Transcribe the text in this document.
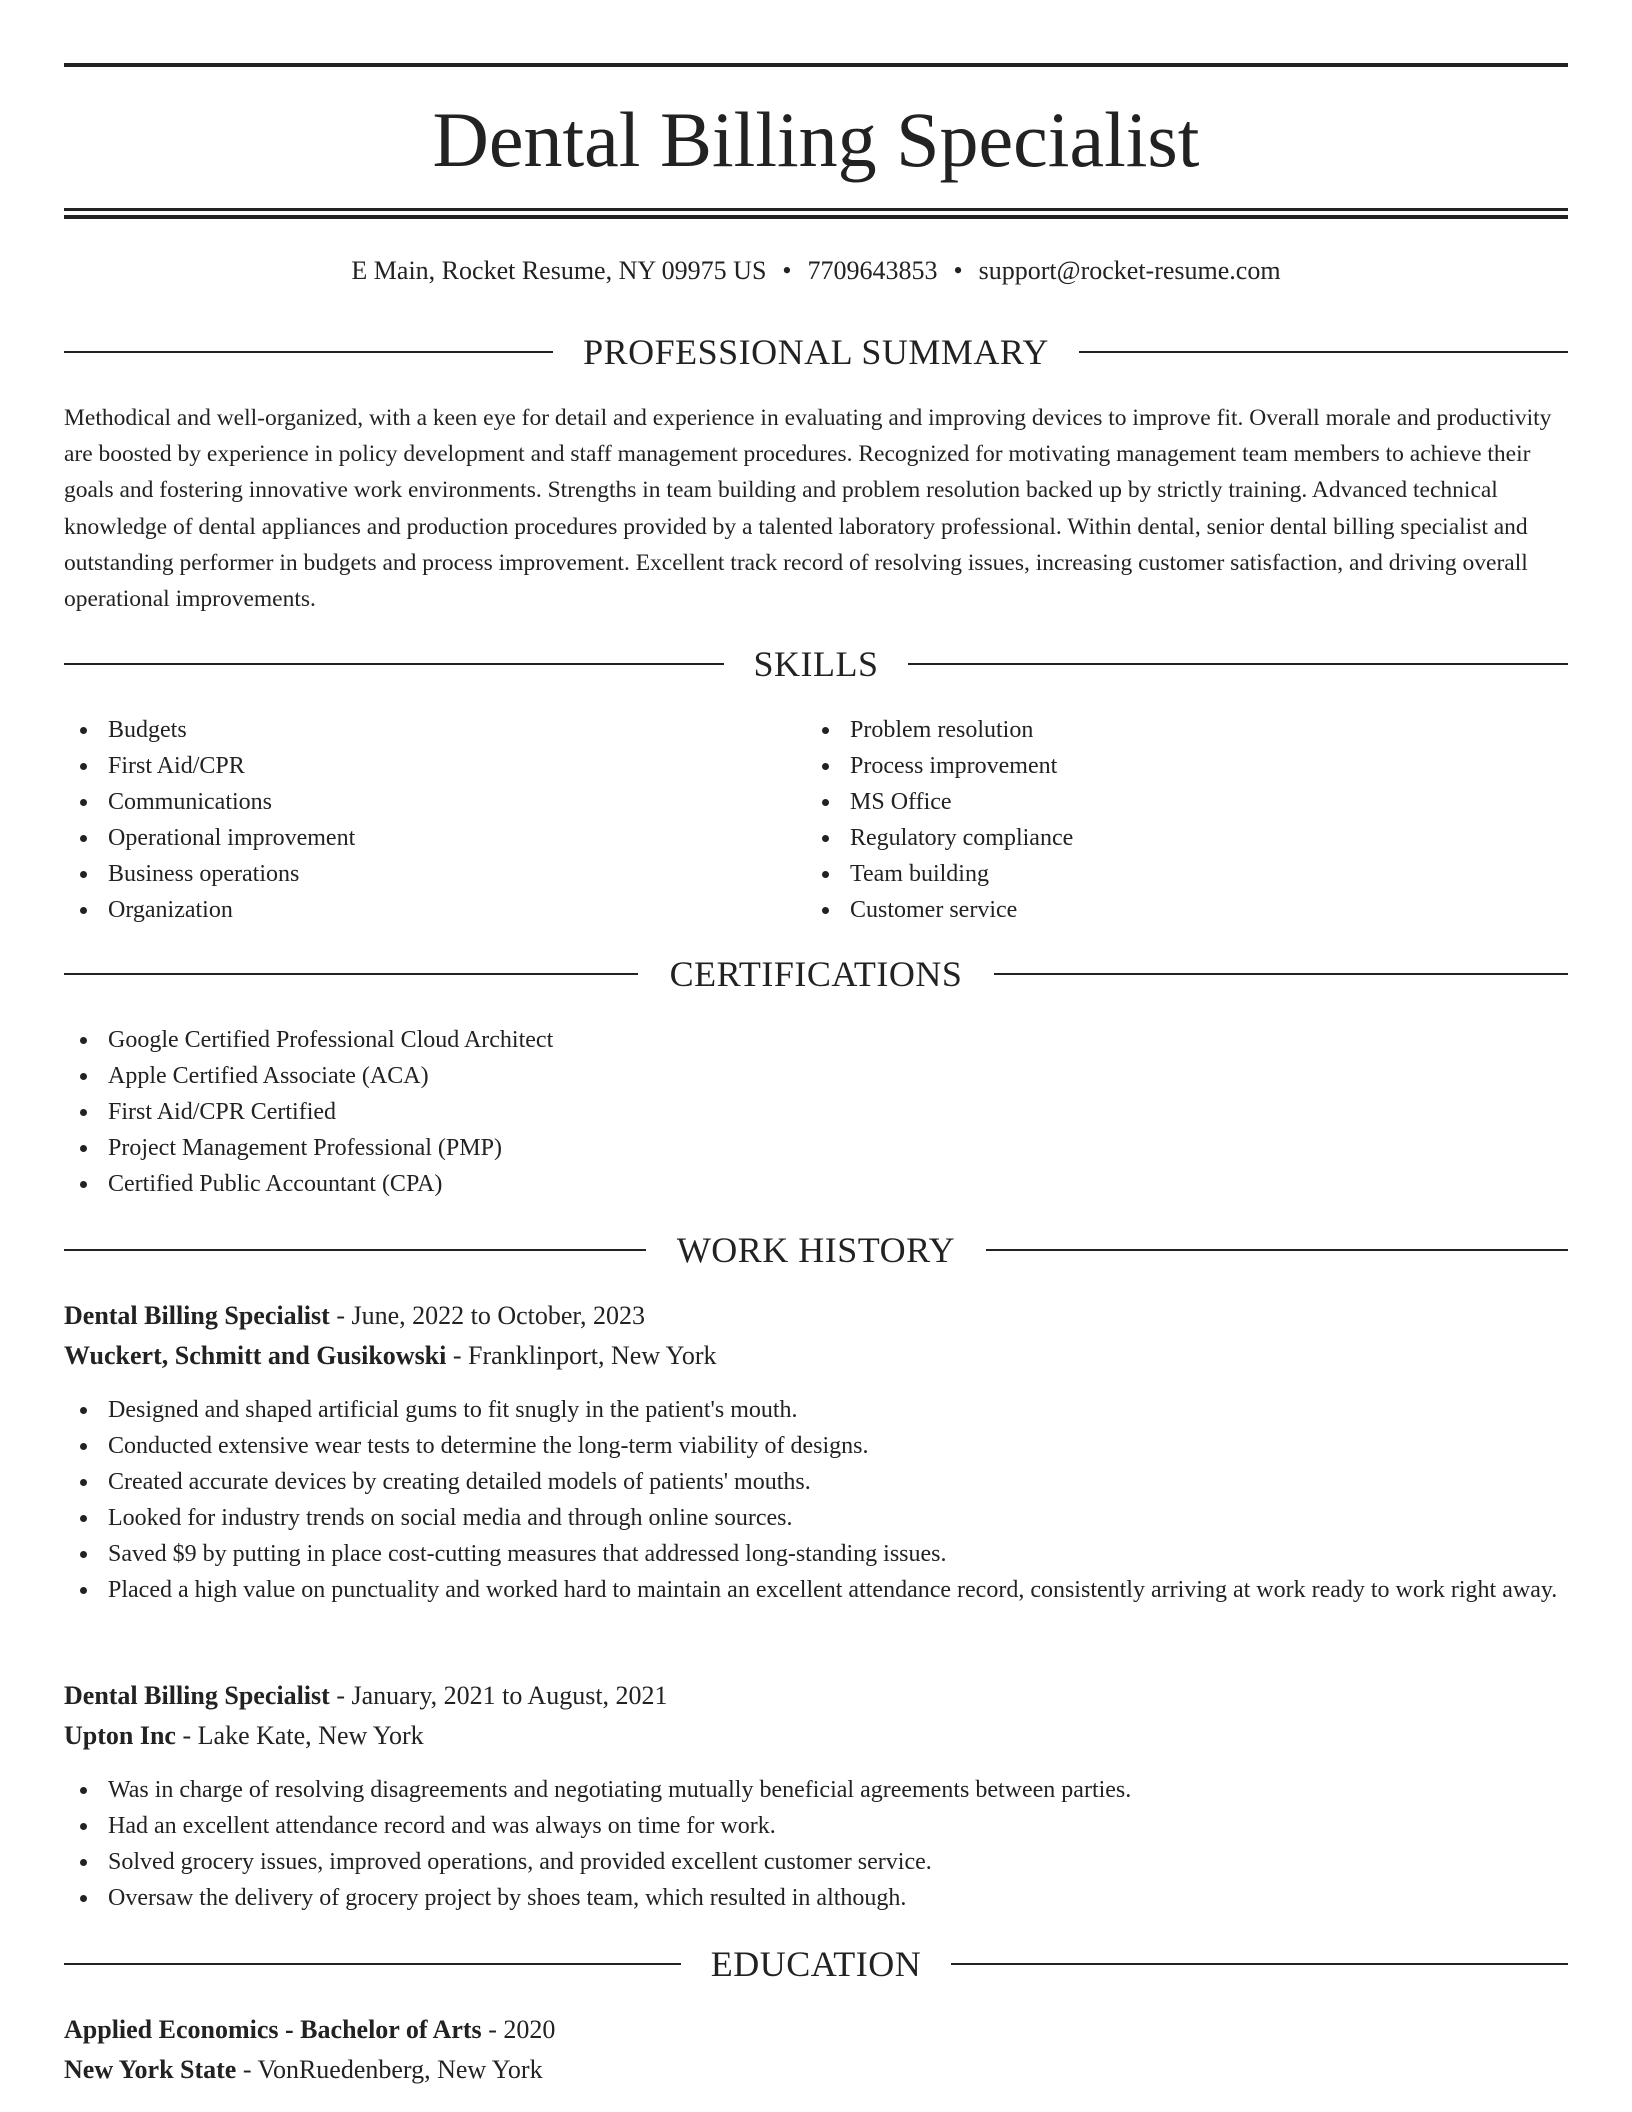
Dental Billing Specialist
E Main, Rocket Resume, NY 09975 US • 7709643853 • support@rocket-resume.com
PROFESSIONAL SUMMARY

Methodical and well-organized, with a keen eye for detail and experience in evaluating and improving devices to improve fit. Overall morale and productivity are boosted by experience in policy development and staff management procedures. Recognized for motivating management team members to achieve their goals and fostering innovative work environments. Strengths in team building and problem resolution backed up by strictly training. Advanced technical knowledge of dental appliances and production procedures provided by a talented laboratory professional. Within dental, senior dental billing specialist and outstanding performer in budgets and process improvement. Excellent track record of resolving issues, increasing customer satisfaction, and driving overall operational improvements.

SKILLS
Budgets
First Aid/CPR
Communications
Operational improvement
Business operations
Organization
Problem resolution
Process improvement
MS Office
Regulatory compliance
Team building
Customer service
CERTIFICATIONS
Google Certified Professional Cloud Architect
Apple Certified Associate (ACA)
First Aid/CPR Certified
Project Management Professional (PMP)
Certified Public Accountant (CPA)
WORK HISTORY
Dental Billing Specialist - June, 2022 to October, 2023
Wuckert, Schmitt and Gusikowski - Franklinport, New York
Designed and shaped artificial gums to fit snugly in the patient's mouth.
Conducted extensive wear tests to determine the long-term viability of designs.
Created accurate devices by creating detailed models of patients' mouths.
Looked for industry trends on social media and through online sources.
Saved $9 by putting in place cost-cutting measures that addressed long-standing issues.
Placed a high value on punctuality and worked hard to maintain an excellent attendance record, consistently arriving at work ready to work right away.
Dental Billing Specialist - January, 2021 to August, 2021
Upton Inc - Lake Kate, New York
Was in charge of resolving disagreements and negotiating mutually beneficial agreements between parties.
Had an excellent attendance record and was always on time for work.
Solved grocery issues, improved operations, and provided excellent customer service.
Oversaw the delivery of grocery project by shoes team, which resulted in although.
EDUCATION
Applied Economics - Bachelor of Arts - 2020
New York State - VonRuedenberg, New York
